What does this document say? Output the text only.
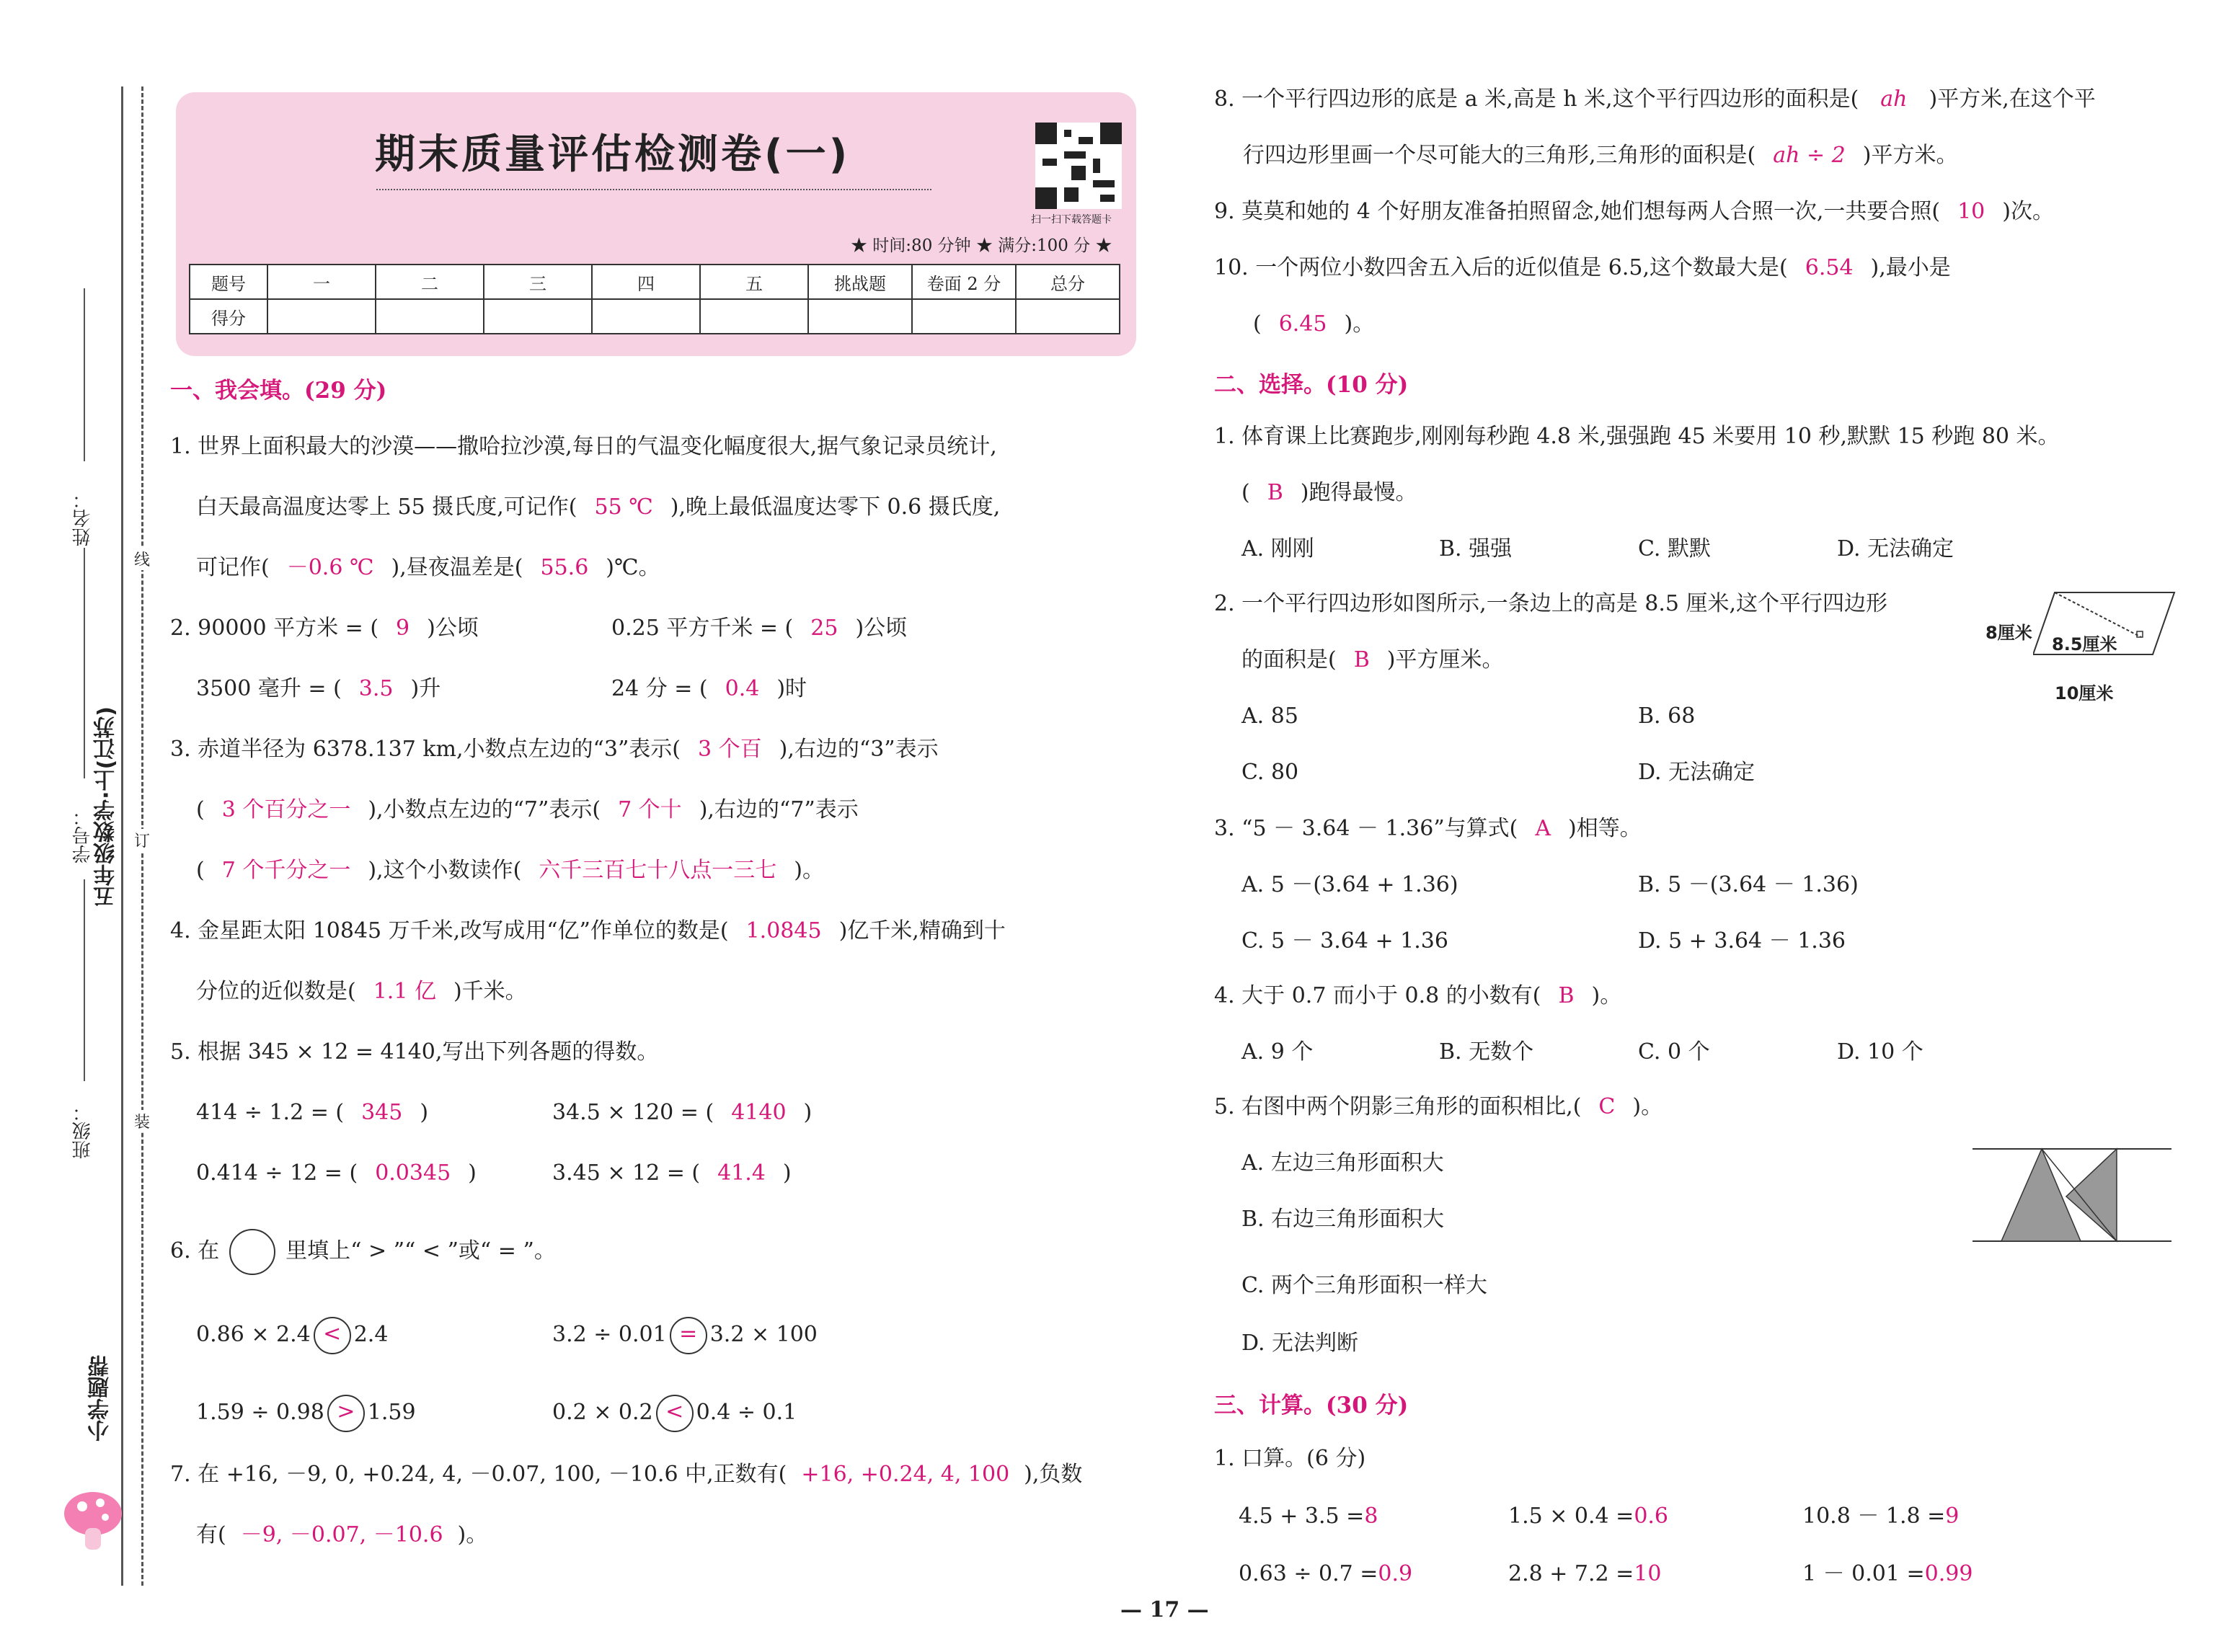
姓名：
学号： 五年级数学·上(江苏)
班级：
小学题帮
线
订
装
期末质量评估检测卷(一)
扫一扫下载答题卡
★ 时间:80 分钟 ★ 满分:100 分 ★
题号	一	二	三	四	五	挑战题	卷面 2 分	总分
得分								
一、我会填。(29 分)
1. 世界上面积最大的沙漠——撒哈拉沙漠,每日的气温变化幅度很大,据气象记录员统计,
白天最高温度达零上 55 摄氏度,可记作( 55 ℃ ),晚上最低温度达零下 0.6 摄氏度,
可记作( －0.6 ℃ ),昼夜温差是( 55.6 )℃。
2. 90000 平方米 = ( 9 )公顷	0.25 平方千米 = ( 25 )公顷
3500 毫升 = ( 3.5 )升	24 分 = ( 0.4 )时
3. 赤道半径为 6378.137 km,小数点左边的“3”表示( 3 个百 ),右边的“3”表示
( 3 个百分之一 ),小数点左边的“7”表示( 7 个十 ),右边的“7”表示
( 7 个千分之一 ),这个小数读作( 六千三百七十八点一三七 )。
4. 金星距太阳 10845 万千米,改写成用“亿”作单位的数是( 1.0845 )亿千米,精确到十
分位的近似数是( 1.1 亿 )千米。
5. 根据 345 × 12 = 4140,写出下列各题的得数。
414 ÷ 1.2 = ( 345 )	34.5 × 120 = ( 4140 )
0.414 ÷ 12 = ( 0.0345 )	3.45 × 12 = ( 41.4 )
6. 在	里填上“ > ”“ < ”或“ = ”。
0.86 × 2.4 < 2.4	3.2 ÷ 0.01 = 3.2 × 100
1.59 ÷ 0.98 > 1.59	0.2 × 0.2 < 0.4 ÷ 0.1
7. 在 +16, －9, 0, +0.24, 4, －0.07, 100, －10.6 中,正数有( +16, +0.24, 4, 100 ),负数
有( －9, －0.07, －10.6 )。
8. 一个平行四边形的底是 a 米,高是 h 米,这个平行四边形的面积是( ah )平方米,在这个平
行四边形里画一个尽可能大的三角形,三角形的面积是( ah ÷ 2 )平方米。
9. 莫莫和她的 4 个好朋友准备拍照留念,她们想每两人合照一次,一共要合照( 10 )次。
10. 一个两位小数四舍五入后的近似值是 6.5,这个数最大是( 6.54 ),最小是
( 6.45 )。
二、选择。(10 分)
1. 体育课上比赛跑步,刚刚每秒跑 4.8 米,强强跑 45 米要用 10 秒,默默 15 秒跑 80 米。
( B )跑得最慢。
A. 刚刚	B. 强强	C. 默默	D. 无法确定
2. 一个平行四边形如图所示,一条边上的高是 8.5 厘米,这个平行四边形
的面积是( B )平方厘米。
A. 85	B. 68
C. 80	D. 无法确定
8厘米
8.5厘米
10厘米
3. “5 － 3.64 － 1.36”与算式( A )相等。
A. 5 －(3.64 + 1.36)	B. 5 －(3.64 － 1.36)
C. 5 － 3.64 + 1.36	D. 5 + 3.64 － 1.36
4. 大于 0.7 而小于 0.8 的小数有( B )。
A. 9 个	B. 无数个	C. 0 个	D. 10 个
5. 右图中两个阴影三角形的面积相比,( C )。
A. 左边三角形面积大
B. 右边三角形面积大
C. 两个三角形面积一样大
D. 无法判断
三、计算。(30 分)
1. 口算。(6 分)
4.5 + 3.5 =8	1.5 × 0.4 =0.6	10.8 － 1.8 =9
0.63 ÷ 0.7 =0.9	2.8 + 7.2 =10	1 － 0.01 =0.99
— 17 —
